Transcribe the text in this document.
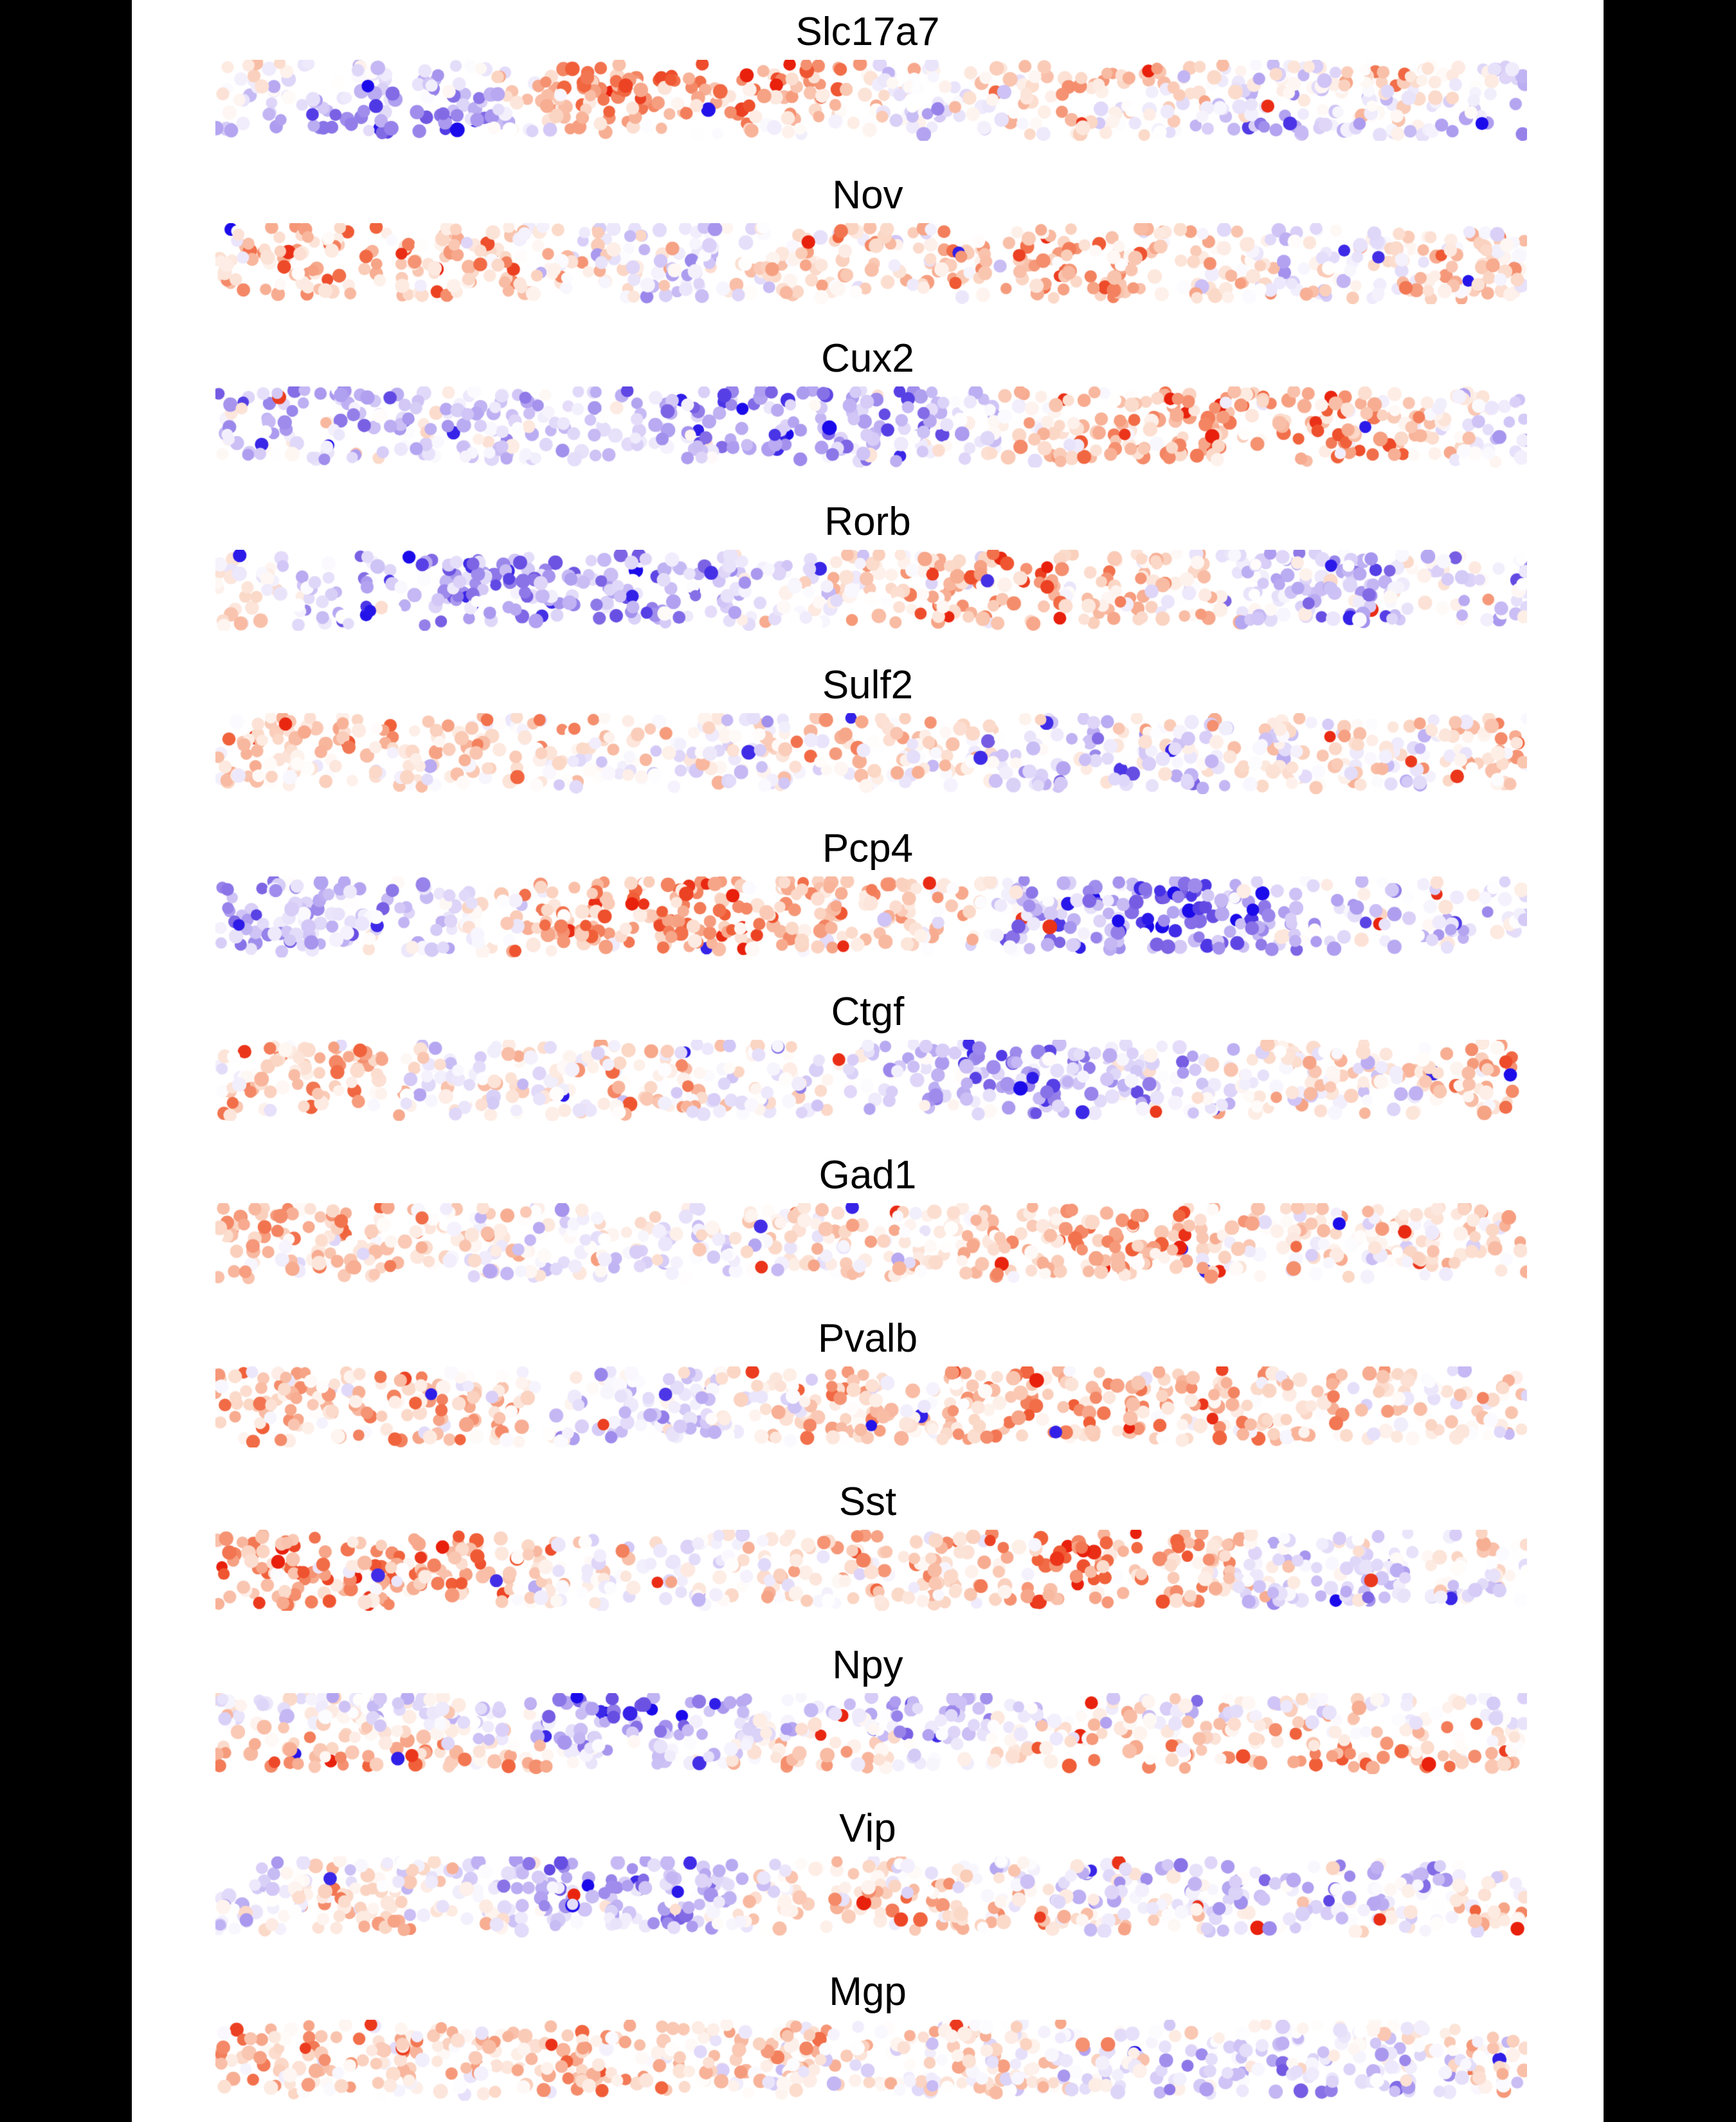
Slc17a7
Nov
Cux2
Rorb
Sulf2
Pcp4
Ctgf
Gad1
Pvalb
Sst
Npy
Vip
Mgp
